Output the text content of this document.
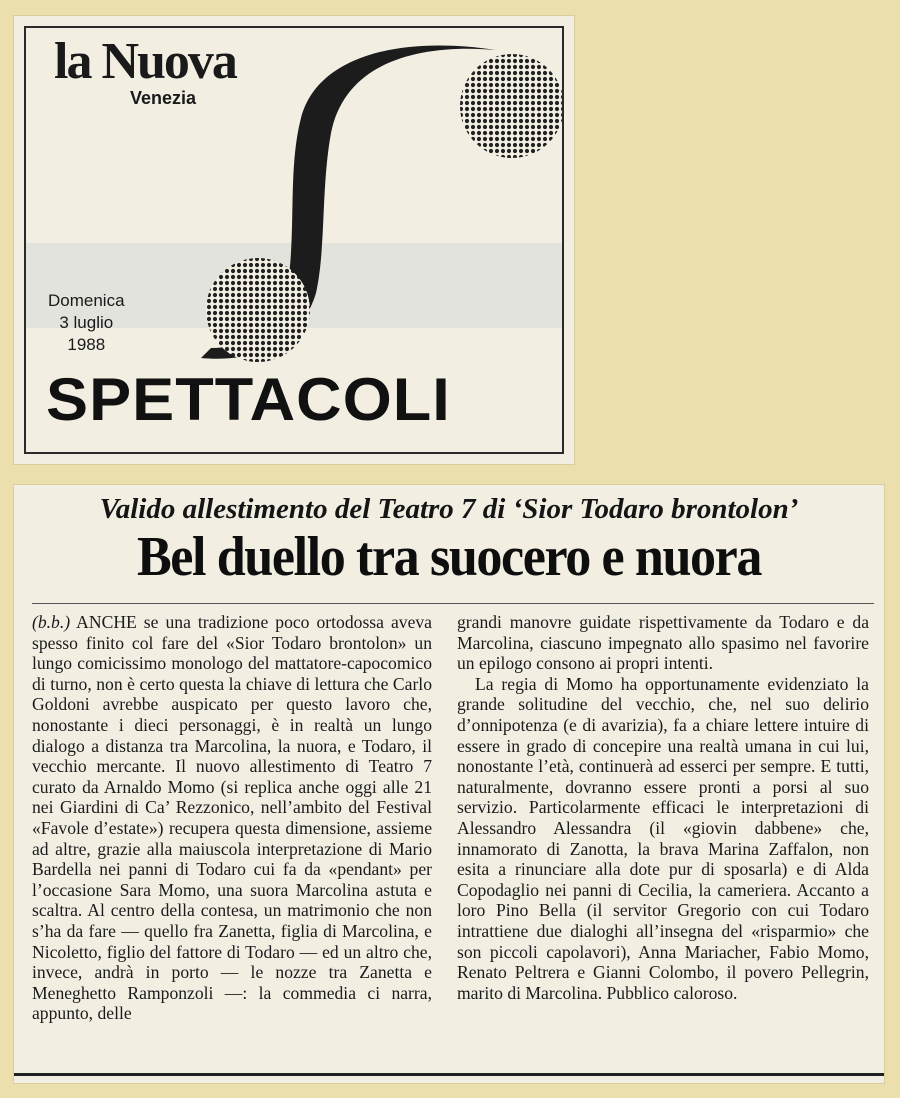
la Nuova
Venezia
Domenica
3 luglio
1988
SPETTACOLI
Valido allestimento del Teatro 7 di ‘Sior Todaro brontolon’
Bel duello tra suocero e nuora

(b.b.) ANCHE se una tradizione poco ortodossa aveva spesso finito col fare del «Sior Todaro brontolon» un lungo comicissimo monologo del mattatore-capocomico di turno, non è certo questa la chiave di lettura che Carlo Goldoni avrebbe auspicato per questo lavoro che, nonostante i dieci personaggi, è in realtà un lungo dialogo a distanza tra Marcolina, la nuora, e Todaro, il vecchio mercante. Il nuovo allestimento di Teatro 7 curato da Arnaldo Momo (si replica anche oggi alle 21 nei Giardini di Ca’ Rezzonico, nell’ambito del Festival «Favole d’estate») recupera questa dimensione, assieme ad altre, grazie alla maiuscola interpretazione di Mario Bardella nei panni di Todaro cui fa da «pendant» per l’occasione Sara Momo, una suora Marcolina astuta e scaltra. Al centro della contesa, un matrimonio che non s’ha da fare — quello fra Zanetta, figlia di Marcolina, e Nicoletto, figlio del fattore di Todaro — ed un altro che, invece, andrà in porto — le nozze tra Zanetta e Meneghetto Ramponzoli —: la commedia ci narra, appunto, delle

grandi manovre guidate rispettivamente da Todaro e da Marcolina, ciascuno impegnato allo spasimo nel favorire un epilogo consono ai propri intenti.

La regia di Momo ha opportunamente evidenziato la grande solitudine del vecchio, che, nel suo delirio d’onnipotenza (e di avarizia), fa a chiare lettere intuire di essere in grado di concepire una realtà umana in cui lui, nonostante l’età, continuerà ad esserci per sempre. E tutti, naturalmente, dovranno essere pronti a porsi al suo servizio. Particolarmente efficaci le interpretazioni di Alessandro Alessandra (il «giovin dabbene» che, innamorato di Zanotta, la brava Marina Zaffalon, non esita a rinunciare alla dote pur di sposarla) e di Alda Copodaglio nei panni di Cecilia, la cameriera. Accanto a loro Pino Bella (il servitor Gregorio con cui Todaro intrattiene due dialoghi all’insegna del «risparmio» che son piccoli capolavori), Anna Mariacher, Fabio Momo, Renato Peltrera e Gianni Colombo, il povero Pellegrin, marito di Marcolina. Pubblico caloroso.
